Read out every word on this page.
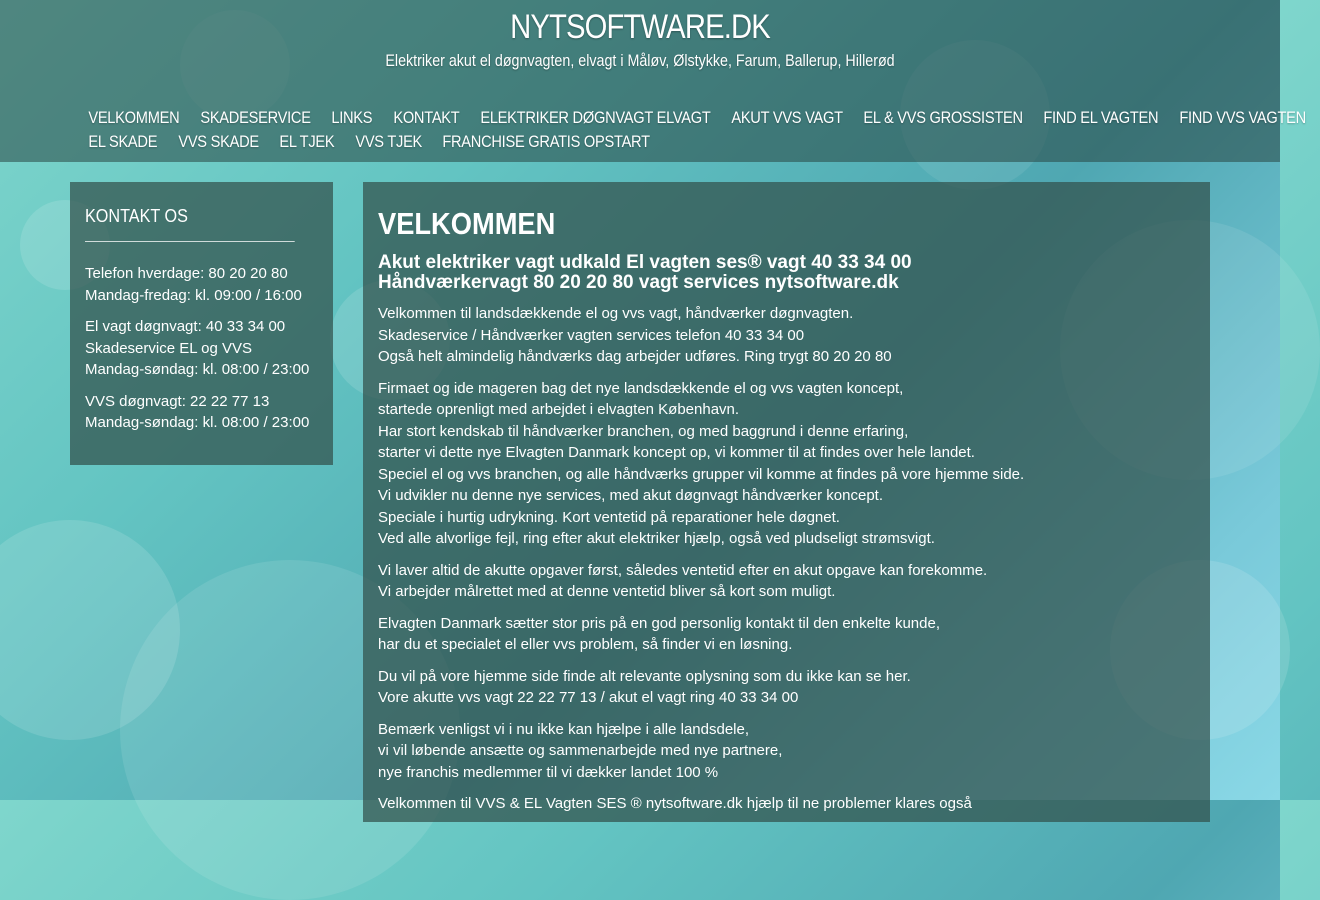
NYTSOFTWARE.DK
Elektriker akut el døgnvagten, elvagt i Måløv, Ølstykke, Farum, Ballerup, Hillerød
VELKOMMEN	SKADESERVICE	LINKS	KONTAKT	ELEKTRIKER DØGNVAGT ELVAGT	AKUT VVS VAGT	EL & VVS GROSSISTEN	FIND EL VAGTEN	FIND VVS VAGTEN
EL SKADE	VVS SKADE	EL TJEK	VVS TJEK	FRANCHISE GRATIS OPSTART
KONTAKT OS
Telefon hverdage: 80 20 20 80
Mandag-fredag: kl. 09:00 / 16:00
El vagt døgnvagt: 40 33 34 00
Skadeservice EL og VVS
Mandag-søndag: kl. 08:00 / 23:00
VVS døgnvagt: 22 22 77 13
Mandag-søndag: kl. 08:00 / 23:00
VELKOMMEN
Akut elektriker vagt udkald El vagten ses® vagt 40 33 34 00
Håndværkervagt 80 20 20 80 vagt services nytsoftware.dk

Velkommen til landsdækkende el og vvs vagt, håndværker døgnvagten.
Skadeservice / Håndværker vagten services telefon 40 33 34 00
Også helt almindelig håndværks dag arbejder udføres. Ring trygt 80 20 20 80

Firmaet og ide mageren bag det nye landsdækkende el og vvs vagten koncept,
startede oprenligt med arbejdet i elvagten København.
Har stort kendskab til håndværker branchen, og med baggrund i denne erfaring,
starter vi dette nye Elvagten Danmark koncept op, vi kommer til at findes over hele landet.
Speciel el og vvs branchen, og alle håndværks grupper vil komme at findes på vore hjemme side.
Vi udvikler nu denne nye services, med akut døgnvagt håndværker koncept.
Speciale i hurtig udrykning. Kort ventetid på reparationer hele døgnet.
Ved alle alvorlige fejl, ring efter akut elektriker hjælp, også ved pludseligt strømsvigt.

Vi laver altid de akutte opgaver først, således ventetid efter en akut opgave kan forekomme.
Vi arbejder målrettet med at denne ventetid bliver så kort som muligt.

Elvagten Danmark sætter stor pris på en god personlig kontakt til den enkelte kunde,
har du et specialet el eller vvs problem, så finder vi en løsning.

Du vil på vore hjemme side finde alt relevante oplysning som du ikke kan se her.
Vore akutte vvs vagt 22 22 77 13 / akut el vagt ring 40 33 34 00

Bemærk venligst vi i nu ikke kan hjælpe i alle landsdele,
vi vil løbende ansætte og sammenarbejde med nye partnere,
nye franchis medlemmer til vi dækker landet 100 %

Velkommen til VVS & EL Vagten SES ® nytsoftware.dk hjælp til ne problemer klares også
